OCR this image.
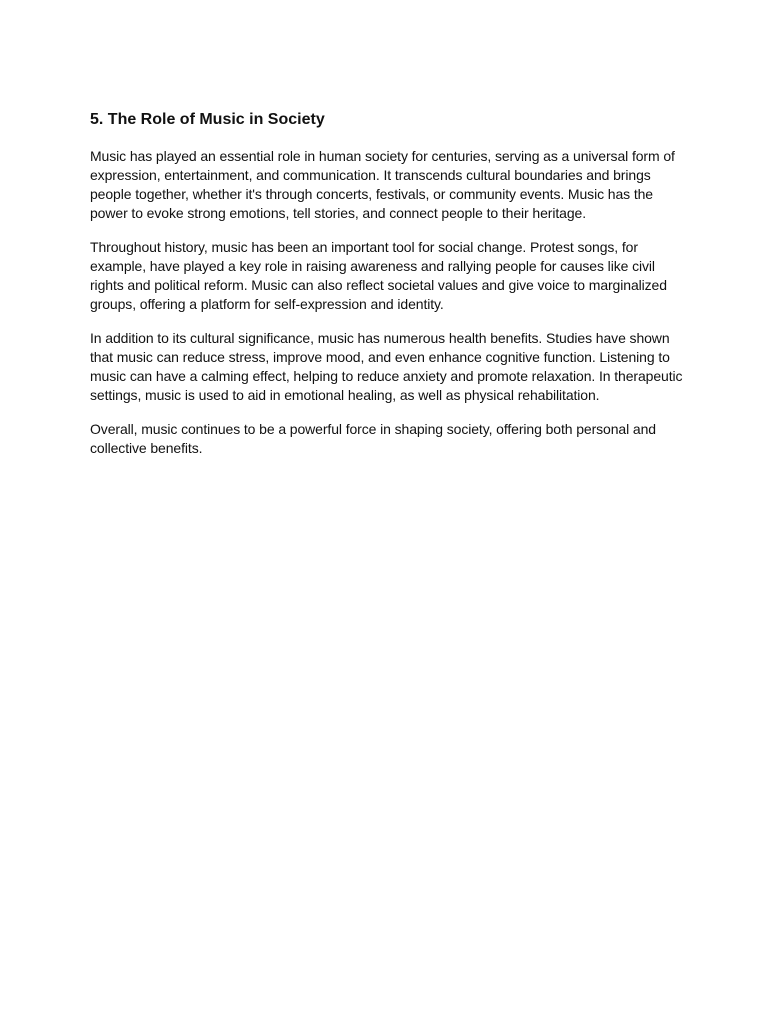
5. The Role of Music in Society

Music has played an essential role in human society for centuries, serving as a universal form of expression, entertainment, and communication. It transcends cultural boundaries and brings people together, whether it's through concerts, festivals, or community events. Music has the power to evoke strong emotions, tell stories, and connect people to their heritage.

Throughout history, music has been an important tool for social change. Protest songs, for example, have played a key role in raising awareness and rallying people for causes like civil rights and political reform. Music can also reflect societal values and give voice to marginalized groups, offering a platform for self-expression and identity.

In addition to its cultural significance, music has numerous health benefits. Studies have shown that music can reduce stress, improve mood, and even enhance cognitive function. Listening to music can have a calming effect, helping to reduce anxiety and promote relaxation. In therapeutic settings, music is used to aid in emotional healing, as well as physical rehabilitation.

Overall, music continues to be a powerful force in shaping society, offering both personal and collective benefits.
